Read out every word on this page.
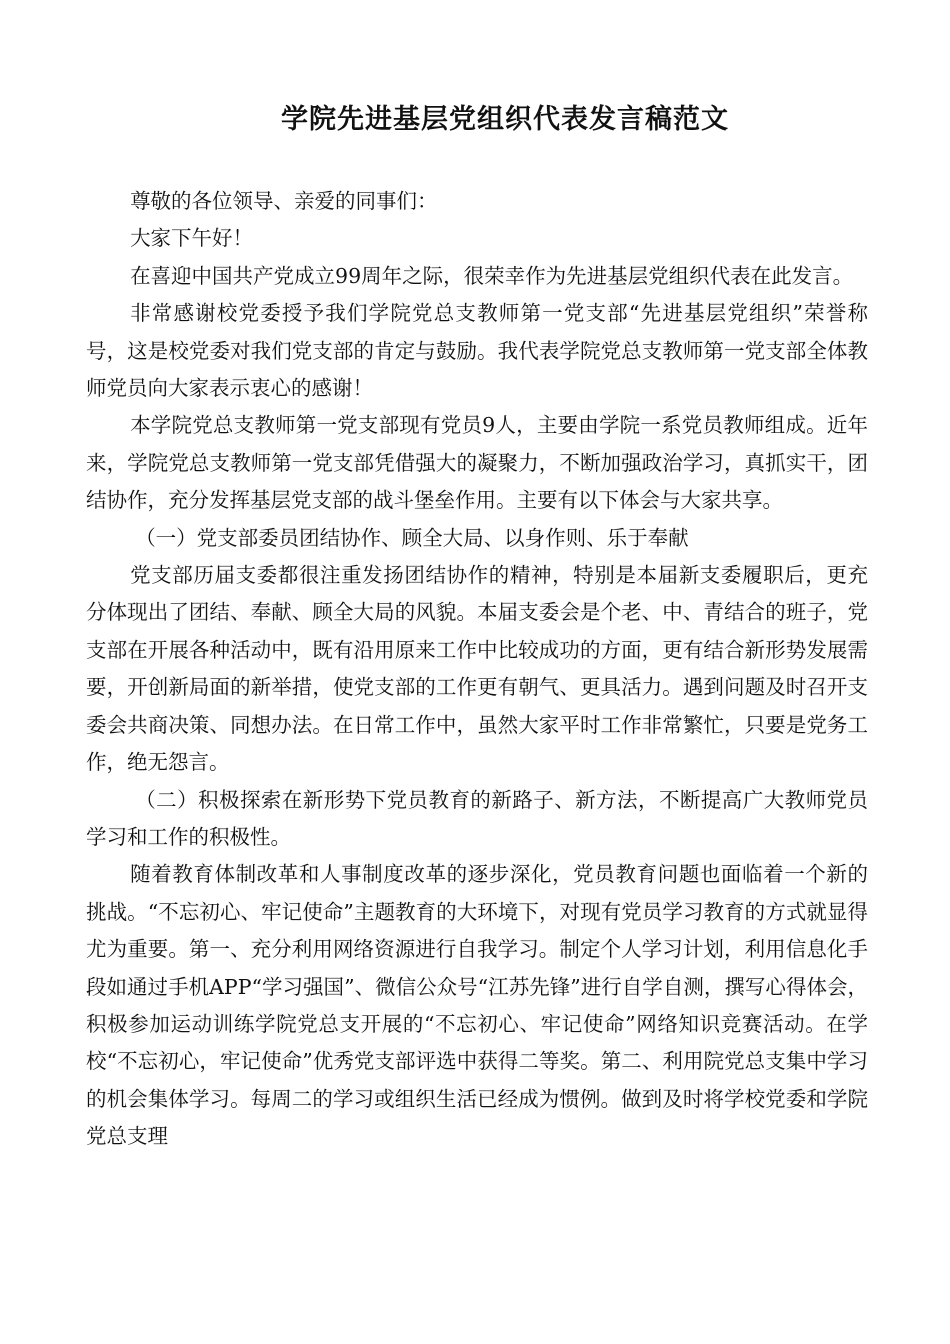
学院先进基层党组织代表发言稿范文

尊敬的各位领导、亲爱的同事们：

大家下午好！

在喜迎中国共产党成立99周年之际，很荣幸作为先进基层党组织代表在此发言。

非常感谢校党委授予我们学院党总支教师第一党支部“先进基层党组织”荣誉称号，这是校党委对我们党支部的肯定与鼓励。我代表学院党总支教师第一党支部全体教师党员向大家表示衷心的感谢！

本学院党总支教师第一党支部现有党员9人，主要由学院一系党员教师组成。近年来，学院党总支教师第一党支部凭借强大的凝聚力，不断加强政治学习，真抓实干，团结协作，充分发挥基层党支部的战斗堡垒作用。主要有以下体会与大家共享。

（一）党支部委员团结协作、顾全大局、以身作则、乐于奉献

党支部历届支委都很注重发扬团结协作的精神，特别是本届新支委履职后，更充分体现出了团结、奉献、顾全大局的风貌。本届支委会是个老、中、青结合的班子，党支部在开展各种活动中，既有沿用原来工作中比较成功的方面，更有结合新形势发展需要，开创新局面的新举措，使党支部的工作更有朝气、更具活力。遇到问题及时召开支委会共商决策、同想办法。在日常工作中，虽然大家平时工作非常繁忙，只要是党务工作，绝无怨言。

（二）积极探索在新形势下党员教育的新路子、新方法，不断提高广大教师党员学习和工作的积极性。

随着教育体制改革和人事制度改革的逐步深化，党员教育问题也面临着一个新的挑战。“不忘初心、牢记使命”主题教育的大环境下，对现有党员学习教育的方式就显得尤为重要。第一、充分利用网络资源进行自我学习。制定个人学习计划，利用信息化手段如通过手机APP“学习强国”、微信公众号“江苏先锋”进行自学自测，撰写心得体会，积极参加运动训练学院党总支开展的“不忘初心、牢记使命”网络知识竞赛活动。在学校“不忘初心，牢记使命”优秀党支部评选中获得二等奖。第二、利用院党总支集中学习的机会集体学习。每周二的学习或组织生活已经成为惯例。做到及时将学校党委和学院党总支理
